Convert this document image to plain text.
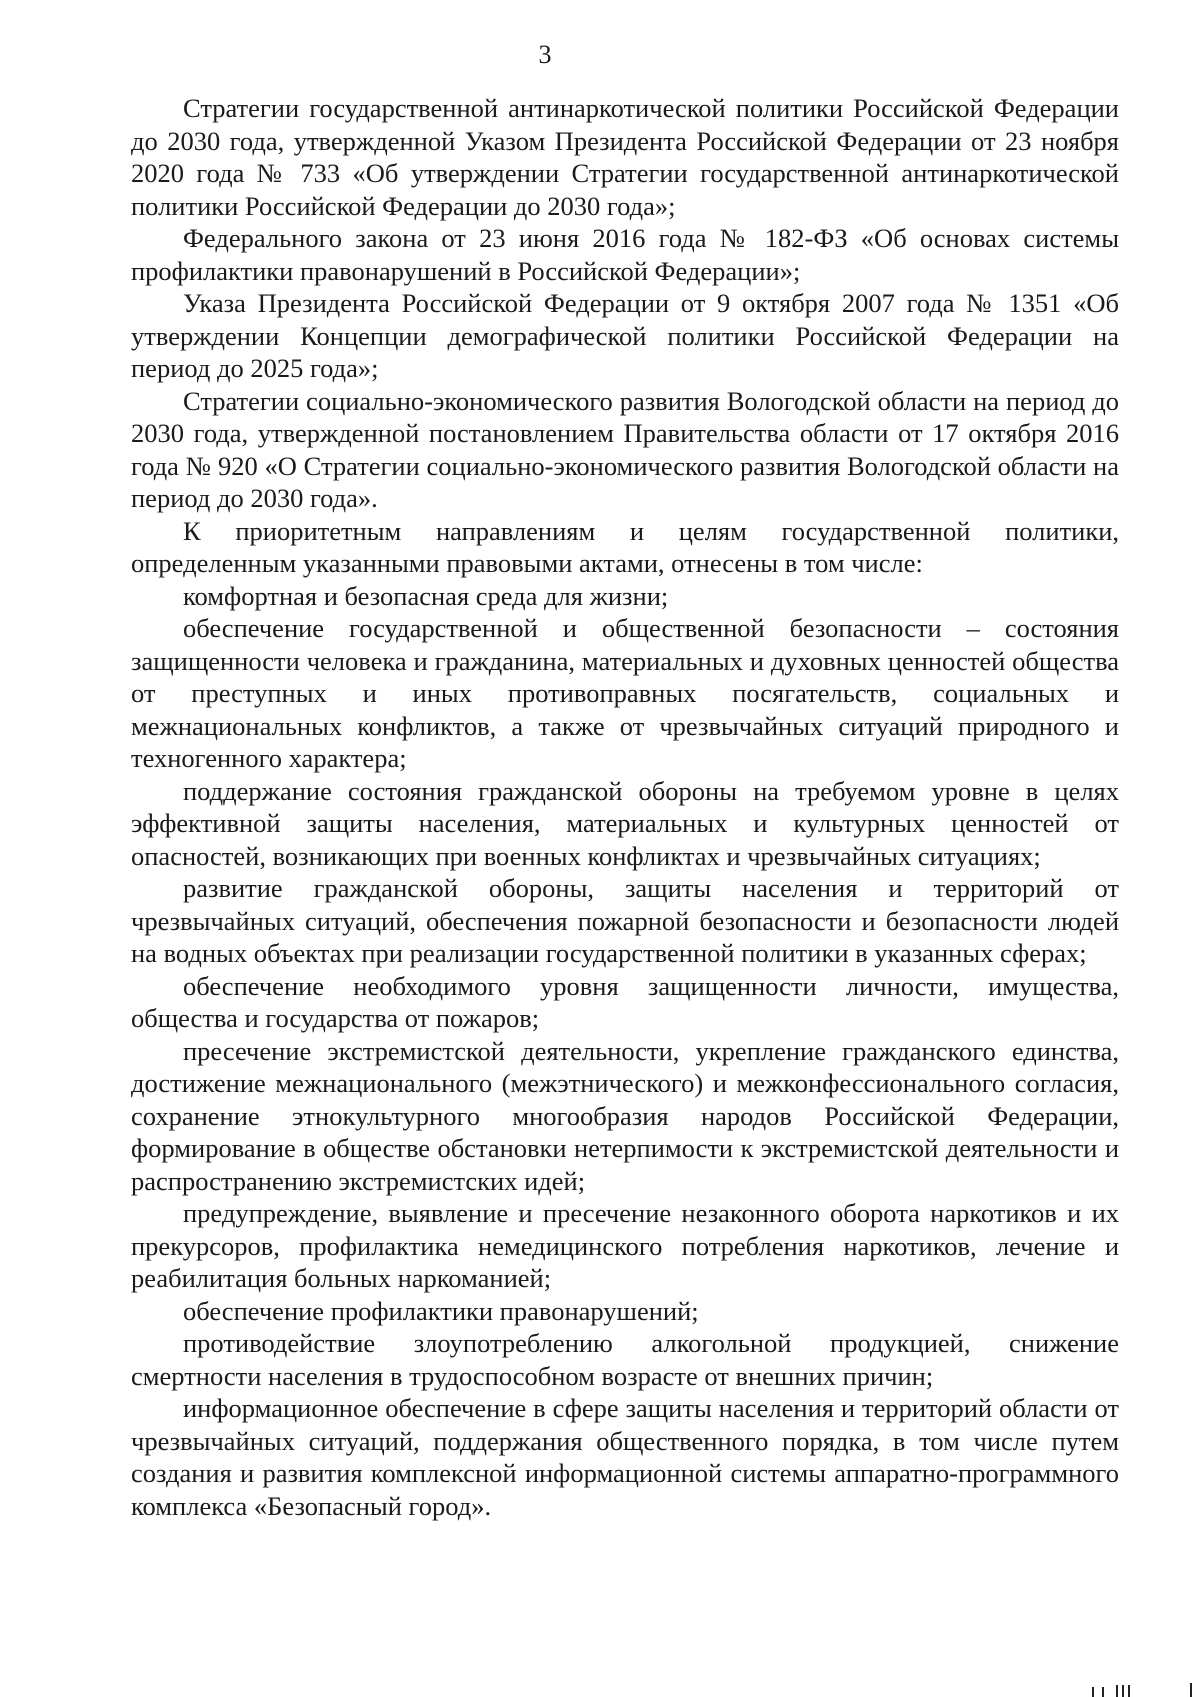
3

Стратегии государственной антинаркотической политики Российской Федерации до 2030 года, утвержденной Указом Президента Российской Федерации от 23 ноября 2020 года № 733 «Об утверждении Стратегии государственной антинаркотической политики Российской Федерации до 2030 года»;

Федерального закона от 23 июня 2016 года № 182-ФЗ «Об основах системы профилактики правонарушений в Российской Федерации»;

Указа Президента Российской Федерации от 9 октября 2007 года № 1351 «Об утверждении Концепции демографической политики Российской Федерации на период до 2025 года»;

Стратегии социально-экономического развития Вологодской области на период до 2030 года, утвержденной постановлением Правительства области от 17 октября 2016 года № 920 «О Стратегии социально-экономического развития Вологодской области на период до 2030 года».

К приоритетным направлениям и целям государственной политики, определенным указанными правовыми актами, отнесены в том числе:

комфортная и безопасная среда для жизни;

обеспечение государственной и общественной безопасности – состояния защищенности человека и гражданина, материальных и духовных ценностей общества от преступных и иных противоправных посягательств, социальных и межнациональных конфликтов, а также от чрезвычайных ситуаций природного и техногенного характера;

поддержание состояния гражданской обороны на требуемом уровне в целях эффективной защиты населения, материальных и культурных ценностей от опасностей, возникающих при военных конфликтах и чрезвычайных ситуациях;

развитие гражданской обороны, защиты населения и территорий от чрезвычайных ситуаций, обеспечения пожарной безопасности и безопасности людей на водных объектах при реализации государственной политики в указанных сферах;

обеспечение необходимого уровня защищенности личности, имущества, общества и государства от пожаров;

пресечение экстремистской деятельности, укрепление гражданского единства, достижение межнационального (межэтнического) и межконфессионального согласия, сохранение этнокультурного многообразия народов Российской Федерации, формирование в обществе обстановки нетерпимости к экстремистской деятельности и распространению экстремистских идей;

предупреждение, выявление и пресечение незаконного оборота наркотиков и их прекурсоров, профилактика немедицинского потребления наркотиков, лечение и реабилитация больных наркоманией;

обеспечение профилактики правонарушений;

противодействие злоупотреблению алкогольной продукцией, снижение смертности населения в трудоспособном возрасте от внешних причин;

информационное обеспечение в сфере защиты населения и территорий области от чрезвычайных ситуаций, поддержания общественного порядка, в том числе путем создания и развития комплексной информационной системы аппаратно-программного комплекса «Безопасный город».
